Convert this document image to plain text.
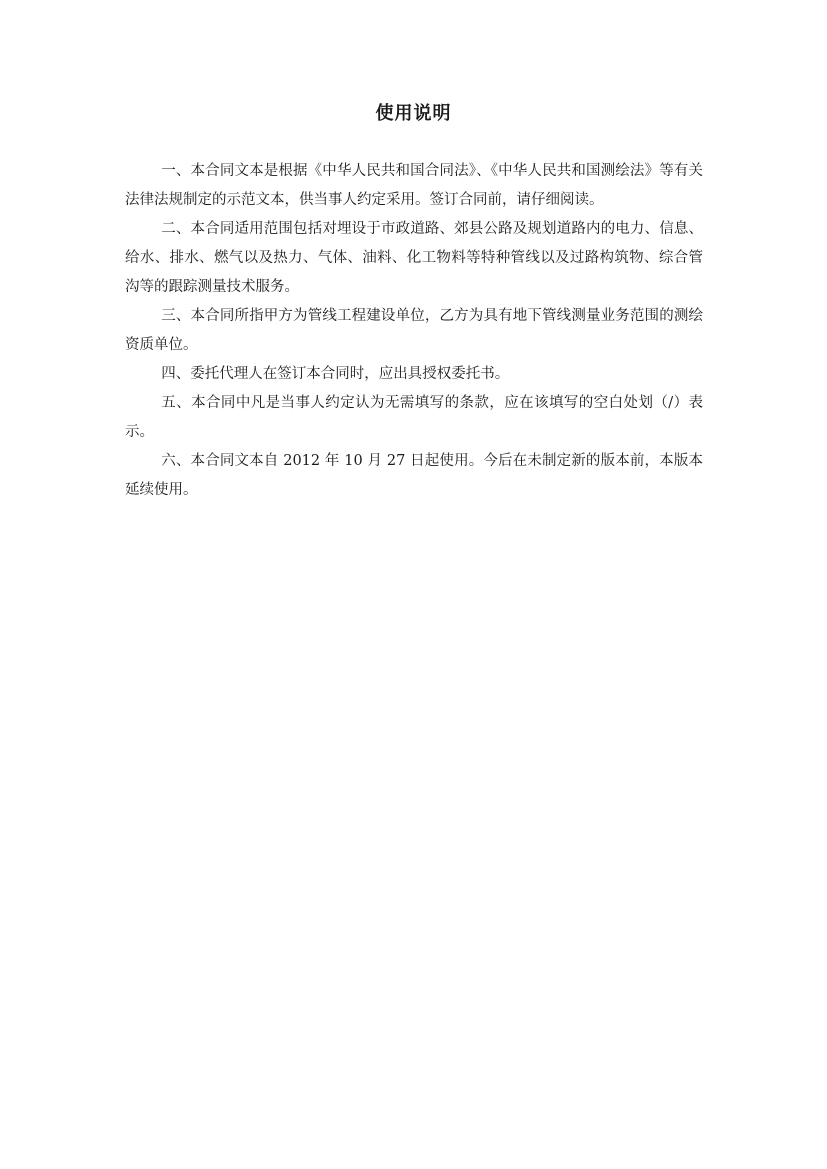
使用说明

一、本合同文本是根据《中华人民共和国合同法》、《中华人民共和国测绘法》等有关法律法规制定的示范文本，供当事人约定采用。签订合同前，请仔细阅读。

二、本合同适用范围包括对埋设于市政道路、郊县公路及规划道路内的电力、信息、给水、排水、燃气以及热力、气体、油料、化工物料等特种管线以及过路构筑物、综合管沟等的跟踪测量技术服务。

三、本合同所指甲方为管线工程建设单位，乙方为具有地下管线测量业务范围的测绘资质单位。

四、委托代理人在签订本合同时，应出具授权委托书。

五、本合同中凡是当事人约定认为无需填写的条款，应在该填写的空白处划（/）表示。

六、本合同文本自 2012 年 10 月 27 日起使用。今后在未制定新的版本前，本版本延续使用。
